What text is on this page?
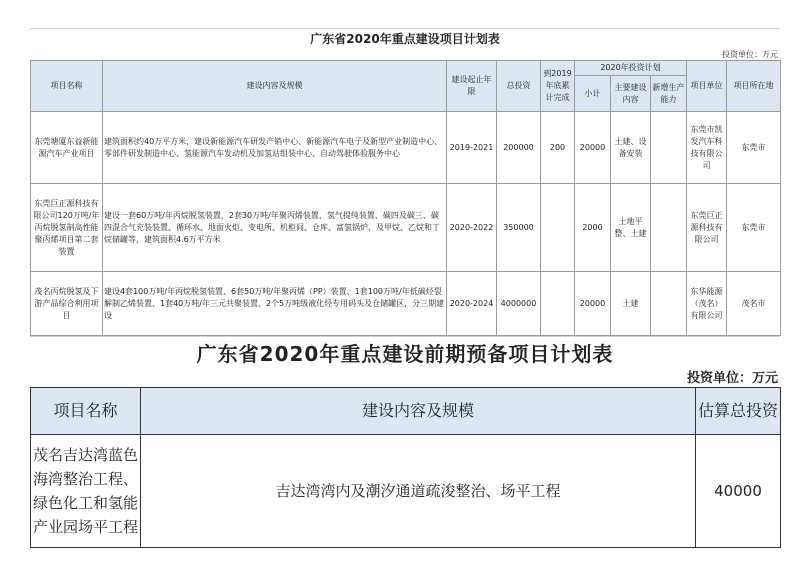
广东省2020年重点建设项目计划表
投资单位：万元
项目名称	建设内容及规模	建设起止年限	总投资	到2019年底累计完成	2020年投资计划			项目单位	项目所在地
					小计	主要建设内容	新增生产能力		
东莞塘厦东益新能源汽车产业项目	建筑面积约40万平方米，建设新能源汽车研发产销中心、新能源汽车电子及新型产业制造中心、零部件研发制造中心、氢能源汽车发动机及加氢站组装中心、自动驾驶体验服务中心	2019-2021	200000	200	20000	土建、设备安装		东莞市凯发汽车科技有限公司	东莞市
东莞巨正源科技有限公司120万吨/年丙烷脱氢制高性能聚丙烯项目第二套装置	建设一套60万吨/年丙烷脱氢装置，2套30万吨/年聚丙烯装置，氢气提纯装置、碳四及碳三、碳四混合气充装装置、循环水、地面火炬、变电所、机柜间、仓库、富氢锅炉，及甲烷、乙烷和丁烷储罐等，建筑面积4.6万平方米	2020-2022	350000		2000	土地平整、土建		东莞巨正源科技有限公司	东莞市
茂名丙烷脱氢及下游产品综合利用项目	建设4套100万吨/年丙烷脱氢装置、6套50万吨/年聚丙烯（PP）装置、1套100万吨/年低碳烃裂解制乙烯装置、1套40万吨/年三元共聚装置、2个5万吨级液化烃专用码头及仓储罐区，分三期建设	2020-2024	4000000		20000	土建		东华能源（茂名）有限公司	茂名市
广东省2020年重点建设前期预备项目计划表
投资单位：万元
项目名称	建设内容及规模	估算总投资
茂名吉达湾蓝色海湾整治工程、绿色化工和氢能产业园场平工程	吉达湾湾内及潮汐通道疏浚整治、场平工程	40000
